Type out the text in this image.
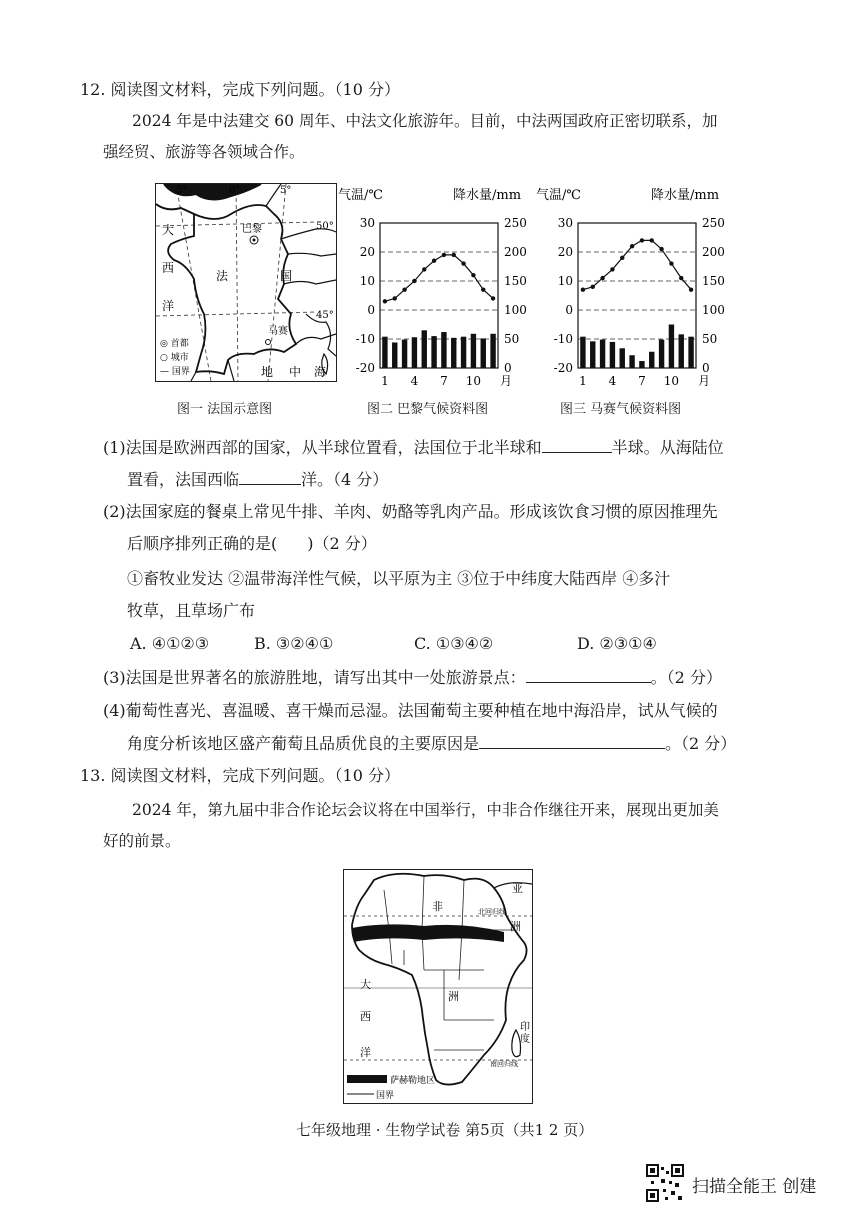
12. 阅读图文材料，完成下列问题。（10 分）
2024 年是中法建交 60 周年、中法文化旅游年。目前，中法两国政府正密切联系，加
强经贸、旅游等各领域合作。
5°	0°	5°
50°
45°
大
西
洋
法	国
巴黎
马赛
地 中 海
◎ 首都
○ 城市
— 国界
气温/℃	降水量/mm
30	250
20	200
10	150
0	100
-10	50
-20	0
1 4 7 10 月
气温/℃	降水量/mm
30	250
20	200
10	150
0	100
-10	50
-20	0
1 4 7 10 月
图一 法国示意图	图二 巴黎气候资料图	图三 马赛气候资料图
(1)法国是欧洲西部的国家，从半球位置看，法国位于北半球和	半球。从海陆位
置看，法国西临	洋。（4 分）
(2)法国家庭的餐桌上常见牛排、羊肉、奶酪等乳肉产品。形成该饮食习惯的原因推理先
后顺序排列正确的是( )（2 分）
①畜牧业发达 ②温带海洋性气候，以平原为主 ③位于中纬度大陆西岸 ④多汁
牧草，且草场广布
A. ④①②③	B. ③②④①	C. ①③④②	D. ②③①④
(3)法国是世界著名的旅游胜地，请写出其中一处旅游景点：	。（2 分）
(4)葡萄性喜光、喜温暖、喜干燥而忌湿。法国葡萄主要种植在地中海沿岸，试从气候的
角度分析该地区盛产葡萄且品质优良的主要原因是	。（2 分）
13. 阅读图文材料，完成下列问题。（10 分）
2024 年，第九届中非合作论坛会议将在中国举行，中非合作继往开来，展现出更加美
好的前景。
亚
非
洲
北回归线
大
西
洋
洲
印
度
南回归线
萨赫勒地区
国界
七年级地理 · 生物学试卷 第5页（共1 2 页）
扫描全能王 创建
